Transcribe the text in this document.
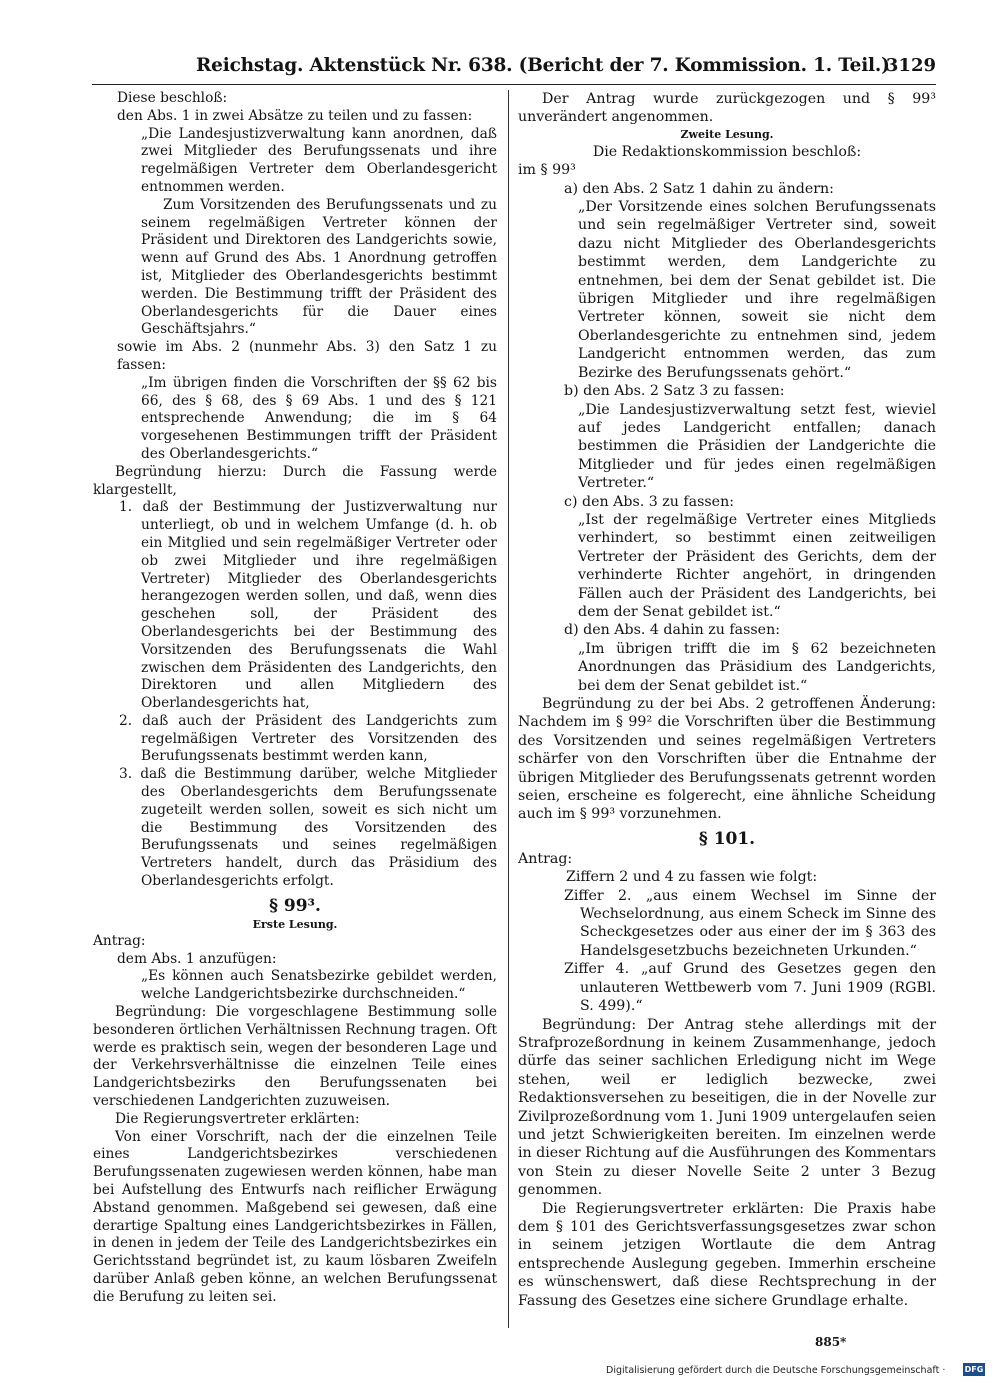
Reichstag. Aktenstück Nr. 638. (Bericht der 7. Kommission. 1. Teil.)
3129

Diese beschloß:

den Abs. 1 in zwei Absätze zu teilen und zu fassen:

„Die Landesjustizverwaltung kann anordnen, daß zwei Mitglieder des Berufungssenats und ihre regelmäßigen Vertreter dem Oberlandesgericht entnommen werden.

Zum Vorsitzenden des Berufungssenats und zu seinem regelmäßigen Vertreter können der Präsident und Direktoren des Landgerichts sowie, wenn auf Grund des Abs. 1 Anordnung getroffen ist, Mitglieder des Oberlandesgerichts bestimmt werden. Die Bestimmung trifft der Präsident des Oberlandesgerichts für die Dauer eines Geschäftsjahrs.“

sowie im Abs. 2 (nunmehr Abs. 3) den Satz 1 zu fassen:

„Im übrigen finden die Vorschriften der §§ 62 bis 66, des § 68, des § 69 Abs. 1 und des § 121 entsprechende Anwendung; die im § 64 vorgesehenen Bestimmungen trifft der Präsident des Oberlandesgerichts.“

Begründung hierzu: Durch die Fassung werde klargestellt,

1. daß der Bestimmung der Justizverwaltung nur unterliegt, ob und in welchem Umfange (d. h. ob ein Mitglied und sein regelmäßiger Vertreter oder ob zwei Mitglieder und ihre regelmäßigen Vertreter) Mitglieder des Oberlandesgerichts herangezogen werden sollen, und daß, wenn dies geschehen soll, der Präsident des Oberlandesgerichts bei der Bestimmung des Vorsitzenden des Berufungssenats die Wahl zwischen dem Präsidenten des Landgerichts, den Direktoren und allen Mitgliedern des Oberlandesgerichts hat,

2. daß auch der Präsident des Landgerichts zum regelmäßigen Vertreter des Vorsitzenden des Berufungssenats bestimmt werden kann,

3. daß die Bestimmung darüber, welche Mitglieder des Oberlandesgerichts dem Berufungssenate zugeteilt werden sollen, soweit es sich nicht um die Bestimmung des Vorsitzenden des Berufungssenats und seines regelmäßigen Vertreters handelt, durch das Präsidium des Oberlandesgerichts erfolgt.

§ 99³.

Erste Lesung.

Antrag:

dem Abs. 1 anzufügen:

„Es können auch Senatsbezirke gebildet werden, welche Landgerichtsbezirke durchschneiden.“

Begründung: Die vorgeschlagene Bestimmung solle besonderen örtlichen Verhältnissen Rechnung tragen. Oft werde es praktisch sein, wegen der besonderen Lage und der Verkehrsverhältnisse die einzelnen Teile eines Landgerichtsbezirks den Berufungssenaten bei verschiedenen Landgerichten zuzuweisen.

Die Regierungsvertreter erklärten:

Von einer Vorschrift, nach der die einzelnen Teile eines Landgerichtsbezirkes verschiedenen Berufungssenaten zugewiesen werden können, habe man bei Aufstellung des Entwurfs nach reiflicher Erwägung Abstand genommen. Maßgebend sei gewesen, daß eine derartige Spaltung eines Landgerichtsbezirkes in Fällen, in denen in jedem der Teile des Landgerichtsbezirkes ein Gerichtsstand begründet ist, zu kaum lösbaren Zweifeln darüber Anlaß geben könne, an welchen Berufungssenat die Berufung zu leiten sei.

Der Antrag wurde zurückgezogen und § 99³ unverändert angenommen.

Zweite Lesung.

Die Redaktionskommission beschloß:

im § 99³

a) den Abs. 2 Satz 1 dahin zu ändern:

„Der Vorsitzende eines solchen Berufungssenats und sein regelmäßiger Vertreter sind, soweit dazu nicht Mitglieder des Oberlandesgerichts bestimmt werden, dem Landgerichte zu entnehmen, bei dem der Senat gebildet ist. Die übrigen Mitglieder und ihre regelmäßigen Vertreter können, soweit sie nicht dem Oberlandesgerichte zu entnehmen sind, jedem Landgericht entnommen werden, das zum Bezirke des Berufungssenats gehört.“

b) den Abs. 2 Satz 3 zu fassen:

„Die Landesjustizverwaltung setzt fest, wieviel auf jedes Landgericht entfallen; danach bestimmen die Präsidien der Landgerichte die Mitglieder und für jedes einen regelmäßigen Vertreter.“

c) den Abs. 3 zu fassen:

„Ist der regelmäßige Vertreter eines Mitglieds verhindert, so bestimmt einen zeitweiligen Vertreter der Präsident des Gerichts, dem der verhinderte Richter angehört, in dringenden Fällen auch der Präsident des Landgerichts, bei dem der Senat gebildet ist.“

d) den Abs. 4 dahin zu fassen:

„Im übrigen trifft die im § 62 bezeichneten Anordnungen das Präsidium des Landgerichts, bei dem der Senat gebildet ist.“

Begründung zu der bei Abs. 2 getroffenen Änderung: Nachdem im § 99² die Vorschriften über die Bestimmung des Vorsitzenden und seines regelmäßigen Vertreters schärfer von den Vorschriften über die Entnahme der übrigen Mitglieder des Berufungssenats getrennt worden seien, erscheine es folgerecht, eine ähnliche Scheidung auch im § 99³ vorzunehmen.

§ 101.

Antrag:

Ziffern 2 und 4 zu fassen wie folgt:

Ziffer 2. „aus einem Wechsel im Sinne der Wechselordnung, aus einem Scheck im Sinne des Scheckgesetzes oder aus einer der im § 363 des Handelsgesetzbuchs bezeichneten Urkunden.“

Ziffer 4. „auf Grund des Gesetzes gegen den unlauteren Wettbewerb vom 7. Juni 1909 (RGBl. S. 499).“

Begründung: Der Antrag stehe allerdings mit der Strafprozeßordnung in keinem Zusammenhange, jedoch dürfe das seiner sachlichen Erledigung nicht im Wege stehen, weil er lediglich bezwecke, zwei Redaktionsversehen zu beseitigen, die in der Novelle zur Zivilprozeßordnung vom 1. Juni 1909 untergelaufen seien und jetzt Schwierigkeiten bereiten. Im einzelnen werde in dieser Richtung auf die Ausführungen des Kommentars von Stein zu dieser Novelle Seite 2 unter 3 Bezug genommen.

Die Regierungsvertreter erklärten: Die Praxis habe dem § 101 des Gerichtsverfassungsgesetzes zwar schon in seinem jetzigen Wortlaute die dem Antrag entsprechende Auslegung gegeben. Immerhin erscheine es wünschenswert, daß diese Rechtsprechung in der Fassung des Gesetzes eine sichere Grundlage erhalte.

885*
Digitalisierung gefördert durch die Deutsche Forschungsgemeinschaft · DFG
